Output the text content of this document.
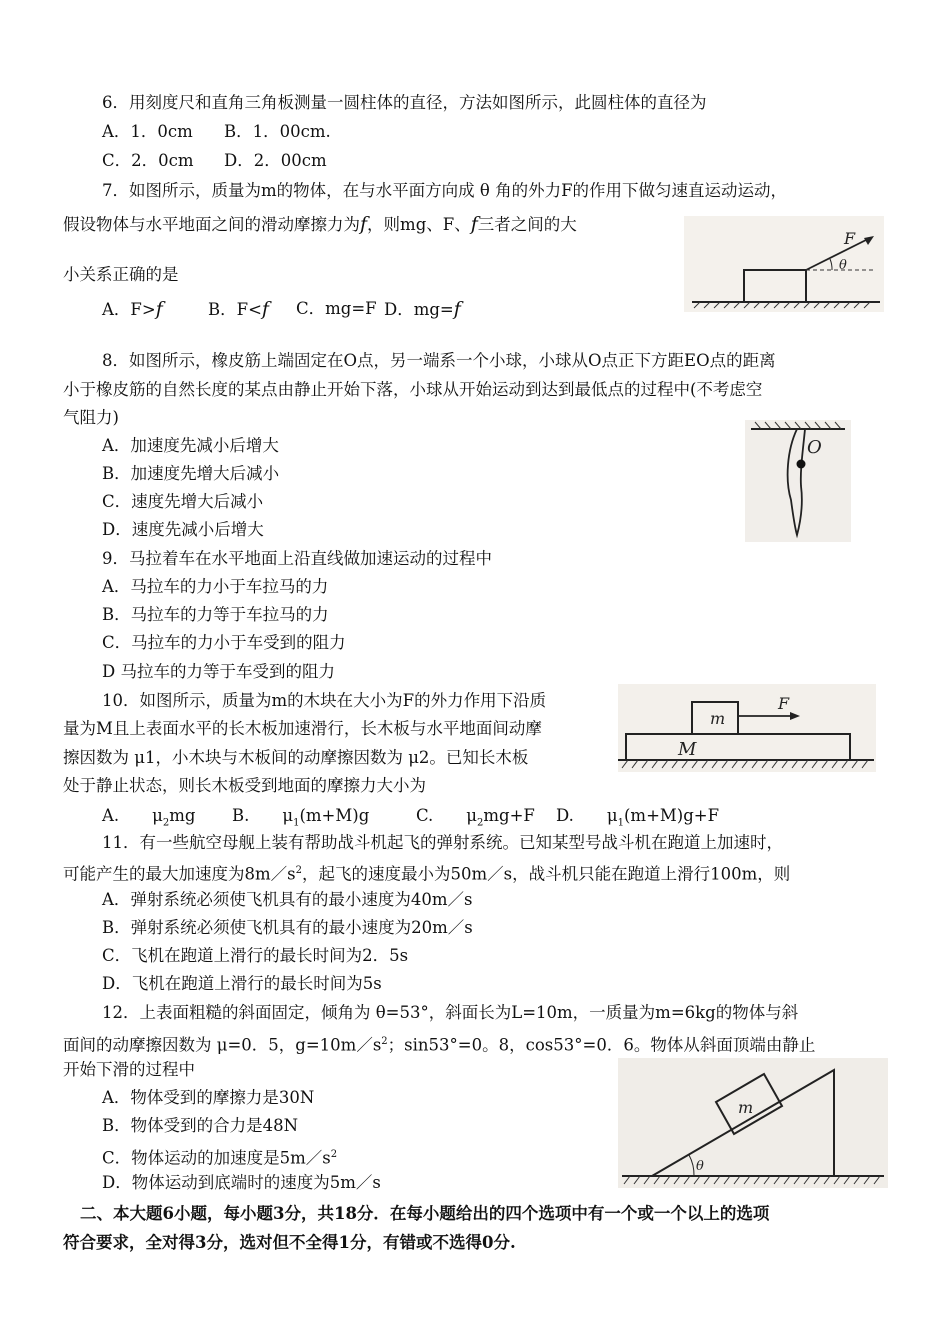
6．用刻度尺和直角三角板测量一圆柱体的直径，方法如图所示，此圆柱体的直径为
A．1．0cm B．1．00cm.
C．2．0cm D．2．00cm
7．如图所示，质量为m的物体，在与水平面方向成 θ 角的外力F的作用下做匀速直运动运动，
假设物体与水平地面之间的滑动摩擦力为f，则mg、F、f三者之间的大
小关系正确的是
A．F>f	B．F<f C．mg=F D．mg=f
F
θ
8．如图所示，橡皮筋上端固定在O点，另一端系一个小球，小球从O点正下方距EO点的距离
小于橡皮筋的自然长度的某点由静止开始下落，小球从开始运动到达到最低点的过程中(不考虑空
气阻力)
A．加速度先减小后增大
B．加速度先增大后减小
C．速度先增大后减小
D．速度先减小后增大
O
9．马拉着车在水平地面上沿直线做加速运动的过程中
A．马拉车的力小于车拉马的力
B．马拉车的力等于车拉马的力
C．马拉车的力小于车受到的阻力
D 马拉车的力等于车受到的阻力
10．如图所示，质量为m的木块在大小为F的外力作用下沿质
量为M且上表面水平的长木板加速滑行，长木板与水平地面间动摩
擦因数为 μ1，小木块与木板间的动摩擦因数为 μ2。已知长木板
处于静止状态，则长木板受到地面的摩擦力大小为
A.　　$\mu_2mg$ B.　　$\mu_1(m+M)g$	C.　　$\mu_2mg+F$ D.　　$\mu_1(m+M)g+F$
m
M
F
11．有一些航空母舰上装有帮助战斗机起飞的弹射系统。已知某型号战斗机在跑道上加速时，
可能产生的最大加速度为$8m/s^2$，起飞的速度最小为50m／s，战斗机只能在跑道上滑行100m，则
A．弹射系统必须使飞机具有的最小速度为40m／s
B．弹射系统必须使飞机具有的最小速度为20m／s
C．飞机在跑道上滑行的最长时间为2．5s
D．飞机在跑道上滑行的最长时间为5s
12．上表面粗糙的斜面固定，倾角为 θ=53°，斜面长为L=10m，一质量为m=6kg的物体与斜
面间的动摩擦因数为 μ=0．5，$g=10m/s^2$；sin53°=0。8，cos53°=0．6。物体从斜面顶端由静止
开始下滑的过程中
A．物体受到的摩擦力是30N
B．物体受到的合力是48N
C．物体运动的加速度是$5m/s^2$
D．物体运动到底端时的速度为5m／s
m
θ
二、本大题6小题，每小题3分，共18分．在每小题给出的四个选项中有一个或一个以上的选项
符合要求，全对得3分，选对但不全得1分，有错或不选得0分.
